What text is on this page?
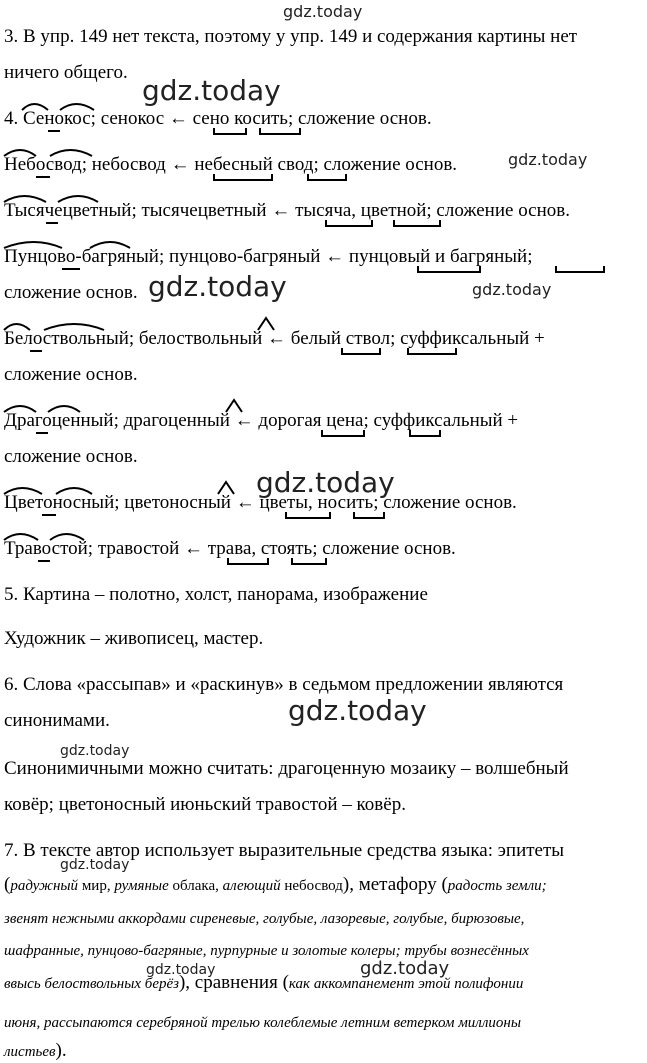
gdz.today
gdz.today
gdz.today
gdz.today	gdz.today
gdz.today
gdz.today
gdz.today
gdz.today
gdz.today	gdz.today
3. В упр. 149 нет текста, поэтому у упр. 149 и содержания картины нет
ничего общего.
4. Сенокос; сенокос ← сено косить; сложение основ.
Небосвод; небосвод ← небесный свод; сложение основ.
Тысячецветный; тысячецветный ← тысяча, цветной; сложение основ.
Пунцово-багряный; пунцово-багряный ← пунцовый и багряный;
сложение основ.
Белоствольный; белоствольный ← белый ствол; суффиксальный +
сложение основ.
Драгоценный; драгоценный ← дорогая цена; суффиксальный +
сложение основ.
Цветоносный; цветоносный ← цветы, носить; сложение основ.
Травостой; травостой ← трава, стоять; сложение основ.
5. Картина – полотно, холст, панорама, изображение
Художник – живописец, мастер.
6. Слова «рассыпав» и «раскинув» в седьмом предложении являются
синонимами.
Синонимичными можно считать: драгоценную мозаику – волшебный
ковёр; цветоносный июньский травостой – ковёр.
7. В тексте автор использует выразительные средства языка: эпитеты
(радужный мир, румяные облака, алеющий небосвод), метафору (радость земли;
звенят нежными аккордами сиреневые, голубые, лазоревые, голубые, бирюзовые,
шафранные, пунцово-багряные, пурпурные и золотые колеры; трубы вознесённых
ввысь белоствольных берёз), сравнения (как аккомпанемент этой полифонии
июня, рассыпаются серебряной трелью колеблемые летним ветерком миллионы
листьев).
